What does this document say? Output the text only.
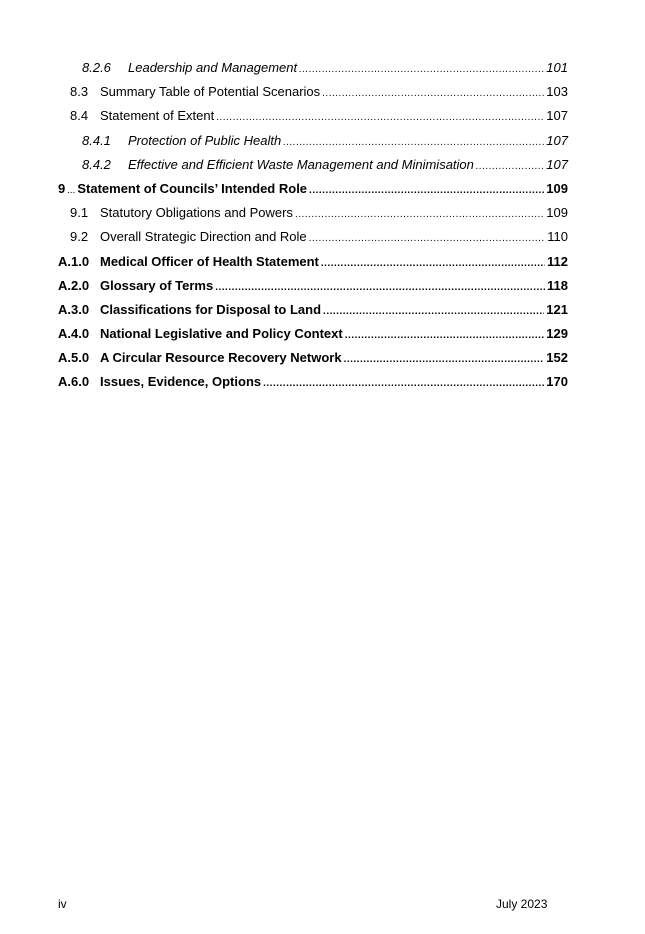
8.2.6 Leadership and Management .....	101
8.3 Summary Table of Potential Scenarios .....	103
8.4 Statement of Extent .....	107
8.4.1 Protection of Public Health .....	107
8.4.2 Effective and Efficient Waste Management and Minimisation .....	107
9 ... Statement of Councils’ Intended Role .....	109
9.1 Statutory Obligations and Powers .....	109
9.2 Overall Strategic Direction and Role .....	110
A.1.0 Medical Officer of Health Statement .....	112
A.2.0 Glossary of Terms .....	118
A.3.0 Classifications for Disposal to Land .....	121
A.4.0 National Legislative and Policy Context .....	129
A.5.0 A Circular Resource Recovery Network .....	152
A.6.0 Issues, Evidence, Options .....	170
iv	July 2023
